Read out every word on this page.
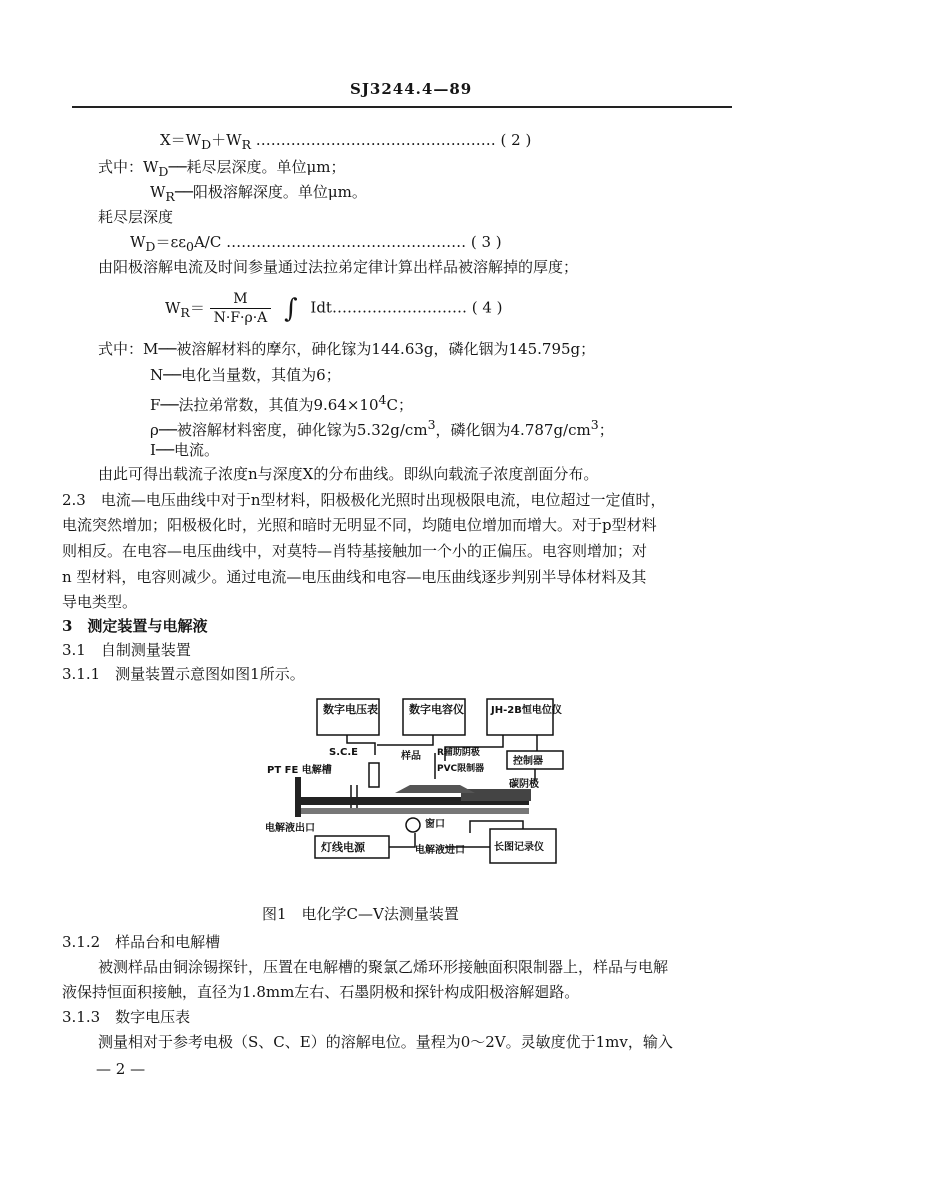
SJ3244.4—89
$X=W_D+W_R$ ………………………………………… ( 2 )
式中：$W_D──$耗尽层深度。单位μm；
$W_R──$阳极溶解深度。单位μm。
耗尽层深度
$W_D=\varepsilon\varepsilon_0A/C$ ………………………………………… ( 3 )
由阳极溶解电流及时间参量通过法拉弟定律计算出样品被溶解掉的厚度；
$W_R= \frac{M}{N\cdot F\cdot\rho\cdot A}$ ∫ Idt……………………… ( 4 )
式中：M──被溶解材料的摩尔，砷化镓为144.63g，磷化铟为145.795g；
N──电化当量数，其值为6；
F──法拉弟常数，其值为$9.64\times 10^4C$；
ρ──被溶解材料密度，砷化镓为$5.32g/cm^3$，磷化铟为$4.787g/cm^3$；
I──电流。
由此可得出载流子浓度n与深度X的分布曲线。即纵向载流子浓度剖面分布。
2.3　电流—电压曲线中对于n型材料，阳极极化光照时出现极限电流，电位超过一定值时，
电流突然增加；阳极极化时，光照和暗时无明显不同，均随电位增加而增大。对于p型材料
则相反。在电容—电压曲线中，对莫特—肖特基接触加一个小的正偏压。电容则增加；对
n 型材料，电容则减少。通过电流—电压曲线和电容—电压曲线逐步判别半导体材料及其
导电类型。
3　测定装置与电解液
3.1　自制测量装置
3.1.1　测量装置示意图如图1所示。
数字电压表	数字电容仪	JH-2B恒电位仪
控制器
灯线电源	长图记录仪
S.C.E
PT FE 电解槽
样品 R辅助阴极
PVC限制器
碳阴极
电解液出口	窗口
电解液进口
图1　电化学C—V法测量装置
3.1.2　样品台和电解槽
被测样品由铜涂锡探针，压置在电解槽的聚氯乙烯环形接触面积限制器上，样品与电解
液保持恒面积接触，直径为1.8mm左右、石墨阴极和探针构成阳极溶解廻路。
3.1.3　数字电压表
测量相对于参考电极（S、C、E）的溶解电位。量程为0～2V。灵敏度优于1mv，输入
— 2 —
